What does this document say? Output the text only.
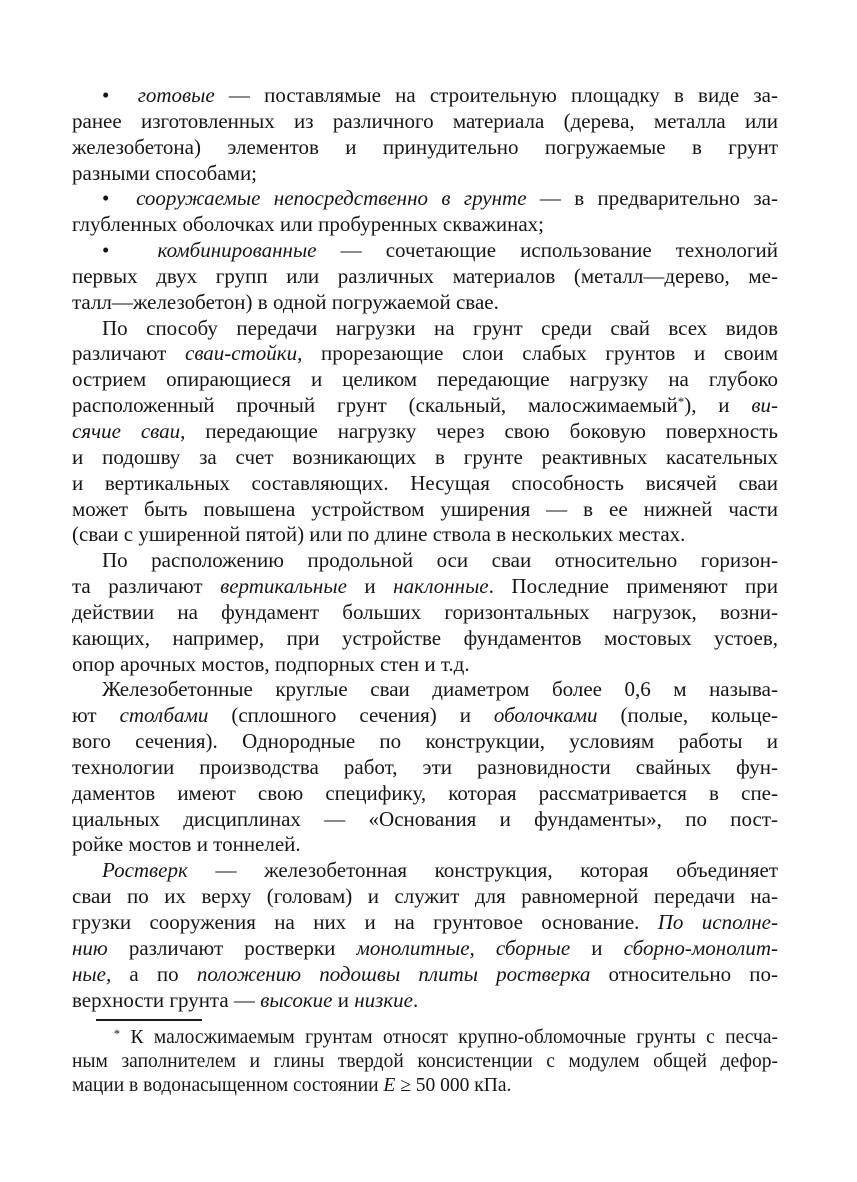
•  готовые — поставлямые на строительную площадку в виде за-
ранее изготовленных из различного материала (дерева, металла или
железобетона) элементов и принудительно погружаемые в грунт
разными способами;
•  сооружаемые непосредственно в грунте — в предварительно за-
глубленных оболочках или пробуренных скважинах;
•  комбинированные — сочетающие использование технологий
первых двух групп или различных материалов (металл—дерево, ме-
талл—железобетон) в одной погружаемой свае.
По способу передачи нагрузки на грунт среди свай всех видов
различают сваи-стойки, прорезающие слои слабых грунтов и своим
острием опирающиеся и целиком передающие нагрузку на глубоко
расположенный прочный грунт (скальный, малосжимаемый*), и ви-
сячие сваи, передающие нагрузку через свою боковую поверхность
и подошву за счет возникающих в грунте реактивных касательных
и вертикальных составляющих. Несущая способность висячей сваи
может быть повышена устройством уширения — в ее нижней части
(сваи с уширенной пятой) или по длине ствола в нескольких местах.
По расположению продольной оси сваи относительно горизон-
та различают вертикальные и наклонные. Последние применяют при
действии на фундамент больших горизонтальных нагрузок, возни-
кающих, например, при устройстве фундаментов мостовых устоев,
опор арочных мостов, подпорных стен и т.д.
Железобетонные круглые сваи диаметром более 0,6 м называ-
ют столбами (сплошного сечения) и оболочками (полые, кольце-
вого сечения). Однородные по конструкции, условиям работы и
технологии производства работ, эти разновидности свайных фун-
даментов имеют свою специфику, которая рассматривается в спе-
циальных дисциплинах — «Основания и фундаменты», по пост-
ройке мостов и тоннелей.
Ростверк — железобетонная конструкция, которая объединяет
сваи по их верху (головам) и служит для равномерной передачи на-
грузки сооружения на них и на грунтовое основание. По исполне-
нию различают ростверки монолитные, сборные и сборно-монолит-
ные, а по положению подошвы плиты ростверка относительно по-
верхности грунта — высокие и низкие.
* К малосжимаемым грунтам относят крупно-обломочные грунты с песча-
ным заполнителем и глины твердой консистенции с модулем общей дефор-
мации в водонасыщенном состоянии E ≥ 50 000 кПа.
